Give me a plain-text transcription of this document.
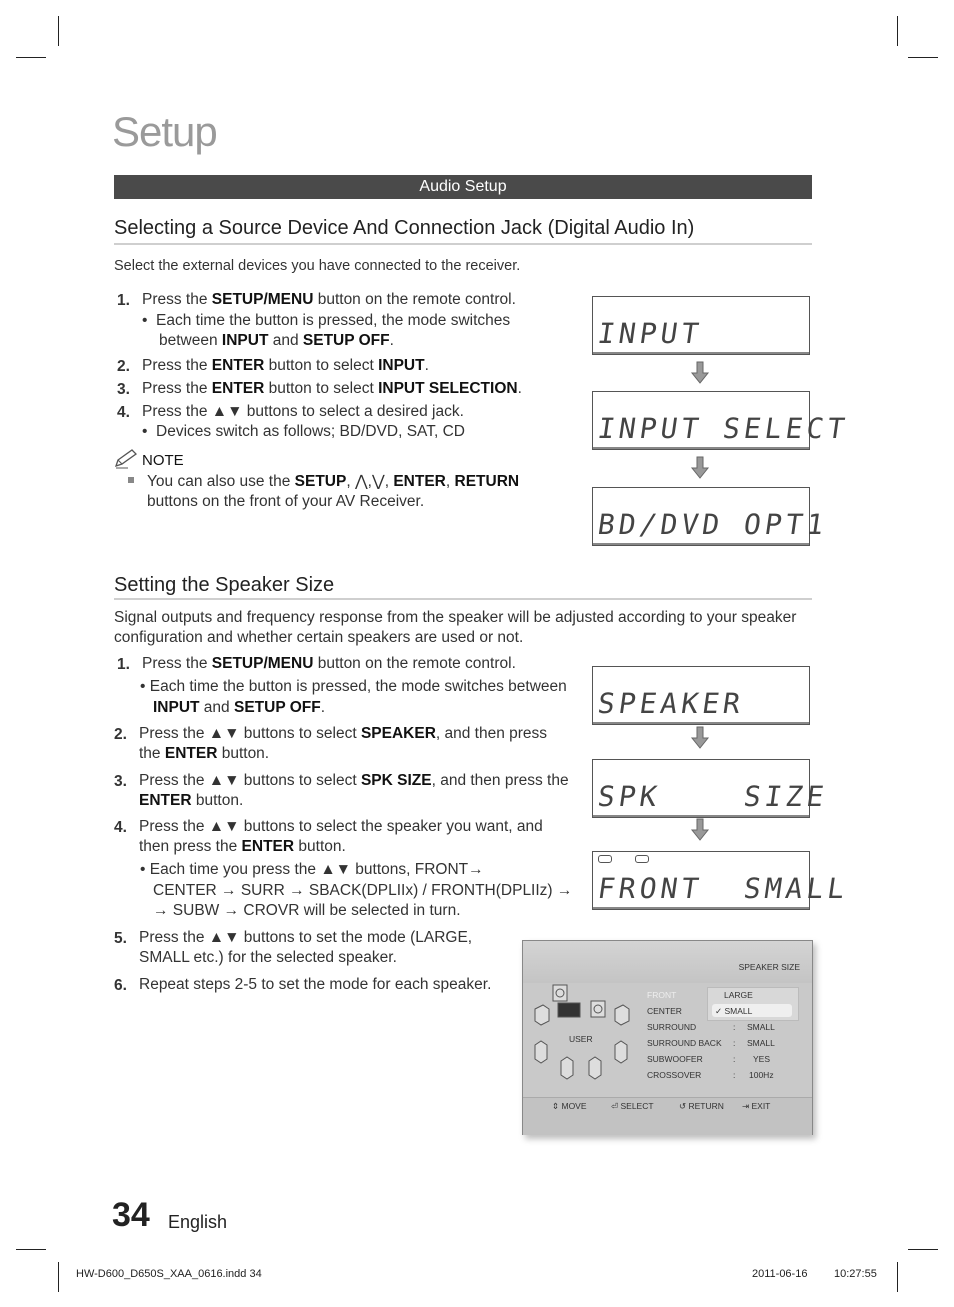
Setup
Audio Setup
Selecting a Source Device And Connection Jack (Digital Audio In)
Select the external devices you have connected to the receiver.
1. Press the SETUP/MENU button on the remote control.
•  Each time the button is pressed, the mode switches
between INPUT and SETUP OFF.
2. Press the ENTER button to select INPUT.
3. Press the ENTER button to select INPUT SELECTION.
4. Press the ▲▼ buttons to select a desired jack.
•  Devices switch as follows; BD/DVD, SAT, CD
NOTE
You can also use the SETUP, ⋀,⋁, ENTER, RETURN
buttons on the front of your AV Receiver.
INPUT
INPUT SELECT
BD/DVD OPT1
Setting the Speaker Size
Signal outputs and frequency response from the speaker will be adjusted according to your speaker
configuration and whether certain speakers are used or not.
1. Press the SETUP/MENU button on the remote control.
• Each time the button is pressed, the mode switches between
INPUT and SETUP OFF.
2. Press the ▲▼ buttons to select SPEAKER, and then press
the ENTER button.
3. Press the ▲▼ buttons to select SPK SIZE, and then press the
ENTER button.
4. Press the ▲▼ buttons to select the speaker you want, and
then press the ENTER button.
• Each time you press the ▲▼ buttons, FRONT→
CENTER → SURR → SBACK(DPLIIx) / FRONTH(DPLIIz) →
→ SUBW → CROVR will be selected in turn.
5. Press the ▲▼ buttons to set the mode (LARGE,
SMALL etc.) for the selected speaker.
6. Repeat steps 2-5 to set the mode for each speaker.
SPEAKER
SPK    SIZE
FRONT  SMALL
SPEAKER SIZE
USER
FRONT
CENTER
SURROUND	: SMALL
SURROUND BACK : SMALL
SUBWOOFER	: YES
CROSSOVER	: 100Hz
LARGE
✓ SMALL
⇕ MOVE	⏎ SELECT	↺ RETURN ⇥ EXIT
34 English
HW-D600_D650S_XAA_0616.indd 34	2011-06-16 10:27:55
